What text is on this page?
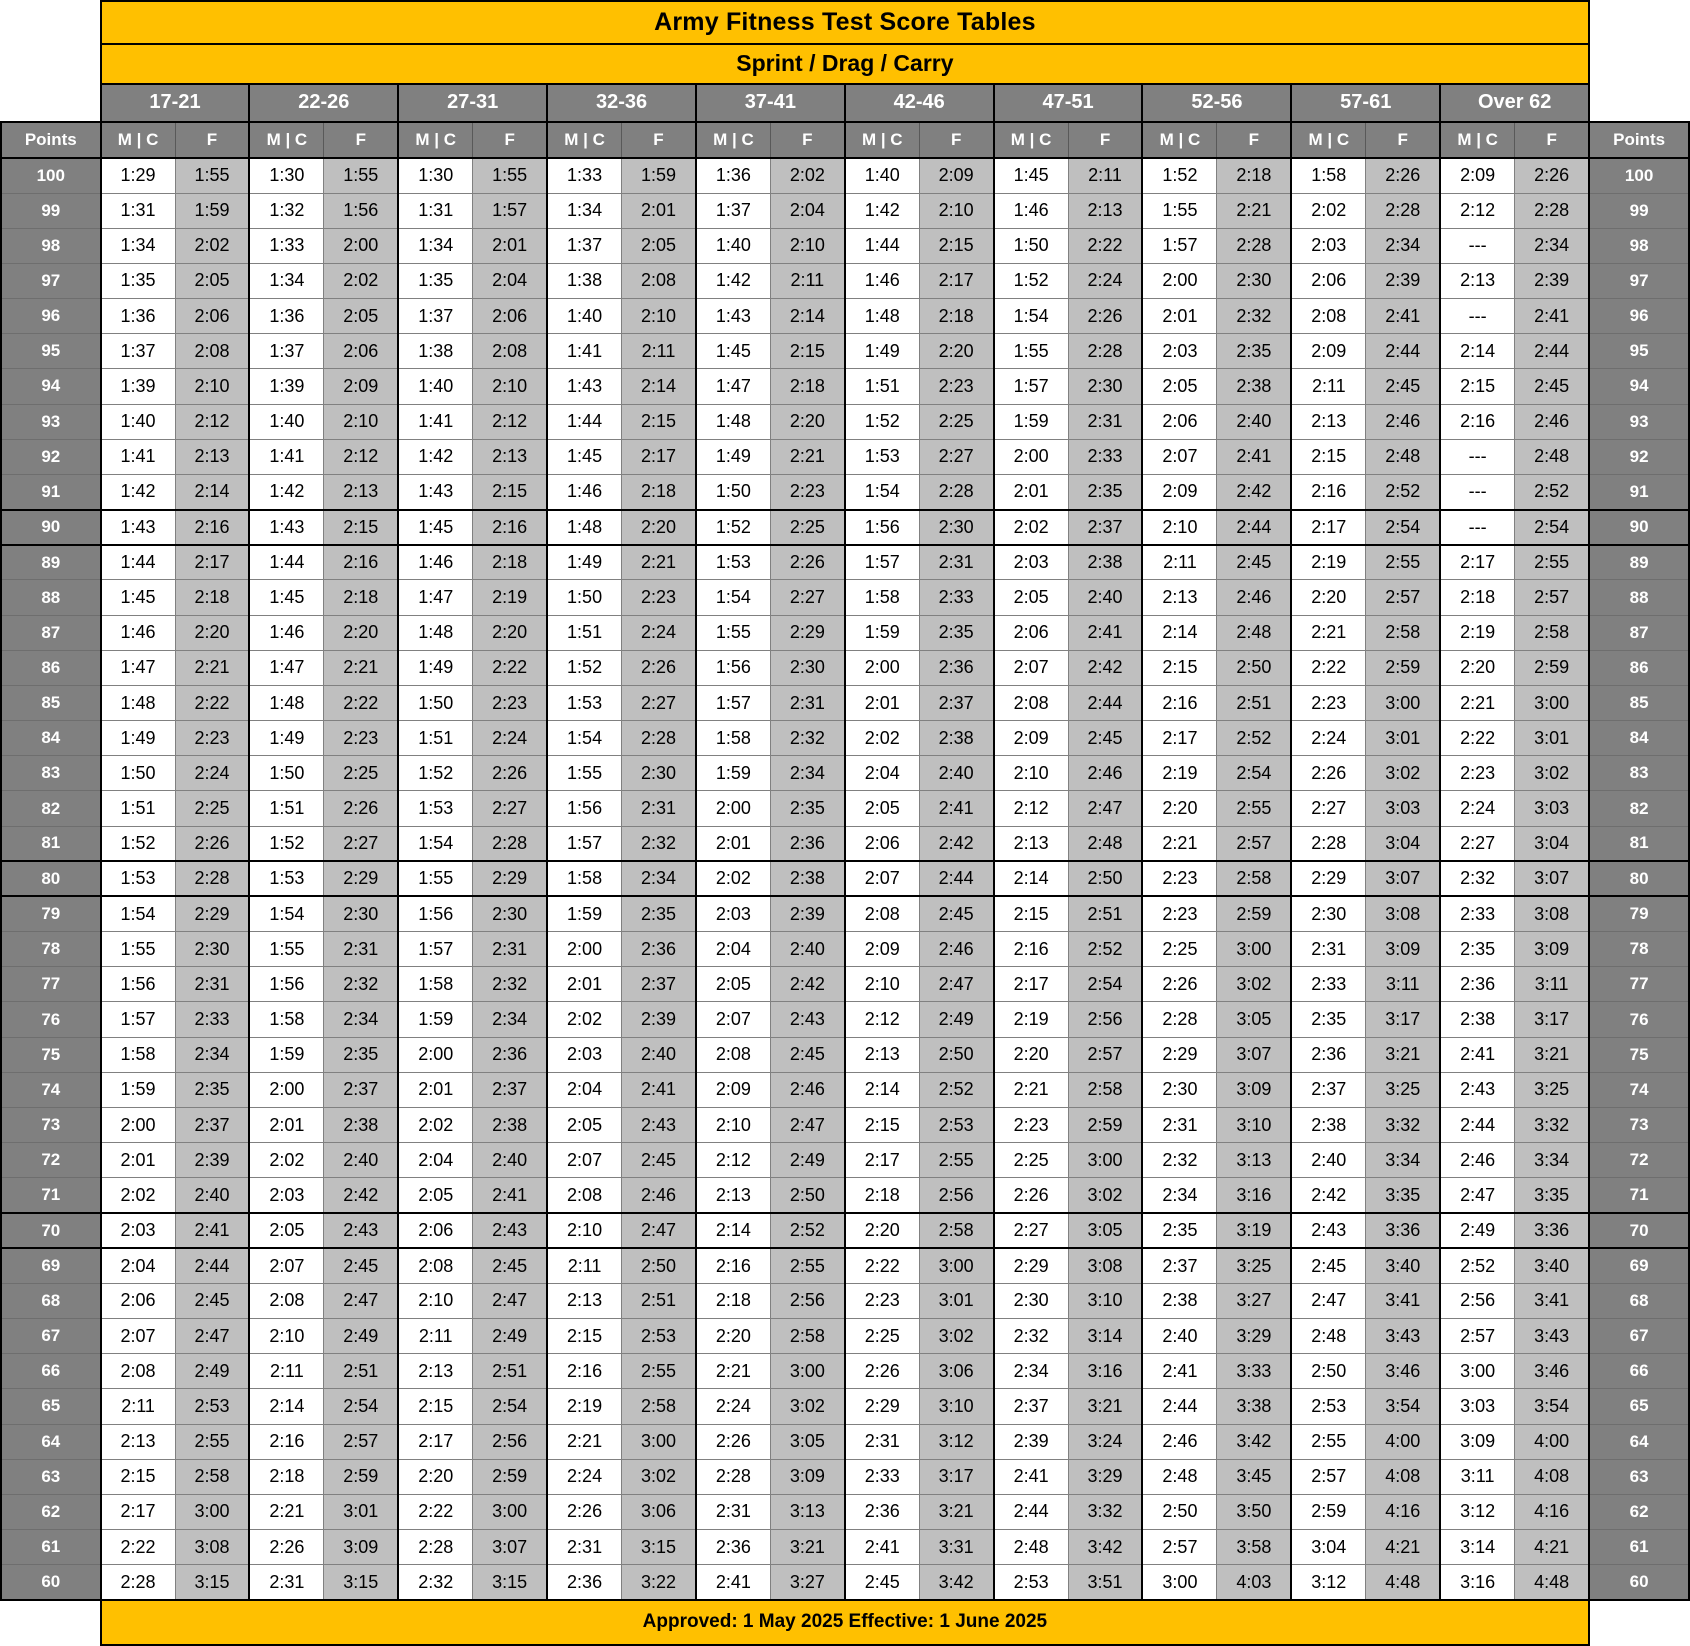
	Army Fitness Test Score Tables																				
	Sprint / Drag / Carry																				
	17-21		22-26		27-31		32-36		37-41		42-46		47-51		52-56		57-61		Over 62		
Points	M | C	F	M | C	F	M | C	F	M | C	F	M | C	F	M | C	F	M | C	F	M | C	F	M | C	F	M | C	F	Points
100	1:29	1:55	1:30	1:55	1:30	1:55	1:33	1:59	1:36	2:02	1:40	2:09	1:45	2:11	1:52	2:18	1:58	2:26	2:09	2:26	100
99	1:31	1:59	1:32	1:56	1:31	1:57	1:34	2:01	1:37	2:04	1:42	2:10	1:46	2:13	1:55	2:21	2:02	2:28	2:12	2:28	99
98	1:34	2:02	1:33	2:00	1:34	2:01	1:37	2:05	1:40	2:10	1:44	2:15	1:50	2:22	1:57	2:28	2:03	2:34	---	2:34	98
97	1:35	2:05	1:34	2:02	1:35	2:04	1:38	2:08	1:42	2:11	1:46	2:17	1:52	2:24	2:00	2:30	2:06	2:39	2:13	2:39	97
96	1:36	2:06	1:36	2:05	1:37	2:06	1:40	2:10	1:43	2:14	1:48	2:18	1:54	2:26	2:01	2:32	2:08	2:41	---	2:41	96
95	1:37	2:08	1:37	2:06	1:38	2:08	1:41	2:11	1:45	2:15	1:49	2:20	1:55	2:28	2:03	2:35	2:09	2:44	2:14	2:44	95
94	1:39	2:10	1:39	2:09	1:40	2:10	1:43	2:14	1:47	2:18	1:51	2:23	1:57	2:30	2:05	2:38	2:11	2:45	2:15	2:45	94
93	1:40	2:12	1:40	2:10	1:41	2:12	1:44	2:15	1:48	2:20	1:52	2:25	1:59	2:31	2:06	2:40	2:13	2:46	2:16	2:46	93
92	1:41	2:13	1:41	2:12	1:42	2:13	1:45	2:17	1:49	2:21	1:53	2:27	2:00	2:33	2:07	2:41	2:15	2:48	---	2:48	92
91	1:42	2:14	1:42	2:13	1:43	2:15	1:46	2:18	1:50	2:23	1:54	2:28	2:01	2:35	2:09	2:42	2:16	2:52	---	2:52	91
90	1:43	2:16	1:43	2:15	1:45	2:16	1:48	2:20	1:52	2:25	1:56	2:30	2:02	2:37	2:10	2:44	2:17	2:54	---	2:54	90
89	1:44	2:17	1:44	2:16	1:46	2:18	1:49	2:21	1:53	2:26	1:57	2:31	2:03	2:38	2:11	2:45	2:19	2:55	2:17	2:55	89
88	1:45	2:18	1:45	2:18	1:47	2:19	1:50	2:23	1:54	2:27	1:58	2:33	2:05	2:40	2:13	2:46	2:20	2:57	2:18	2:57	88
87	1:46	2:20	1:46	2:20	1:48	2:20	1:51	2:24	1:55	2:29	1:59	2:35	2:06	2:41	2:14	2:48	2:21	2:58	2:19	2:58	87
86	1:47	2:21	1:47	2:21	1:49	2:22	1:52	2:26	1:56	2:30	2:00	2:36	2:07	2:42	2:15	2:50	2:22	2:59	2:20	2:59	86
85	1:48	2:22	1:48	2:22	1:50	2:23	1:53	2:27	1:57	2:31	2:01	2:37	2:08	2:44	2:16	2:51	2:23	3:00	2:21	3:00	85
84	1:49	2:23	1:49	2:23	1:51	2:24	1:54	2:28	1:58	2:32	2:02	2:38	2:09	2:45	2:17	2:52	2:24	3:01	2:22	3:01	84
83	1:50	2:24	1:50	2:25	1:52	2:26	1:55	2:30	1:59	2:34	2:04	2:40	2:10	2:46	2:19	2:54	2:26	3:02	2:23	3:02	83
82	1:51	2:25	1:51	2:26	1:53	2:27	1:56	2:31	2:00	2:35	2:05	2:41	2:12	2:47	2:20	2:55	2:27	3:03	2:24	3:03	82
81	1:52	2:26	1:52	2:27	1:54	2:28	1:57	2:32	2:01	2:36	2:06	2:42	2:13	2:48	2:21	2:57	2:28	3:04	2:27	3:04	81
80	1:53	2:28	1:53	2:29	1:55	2:29	1:58	2:34	2:02	2:38	2:07	2:44	2:14	2:50	2:23	2:58	2:29	3:07	2:32	3:07	80
79	1:54	2:29	1:54	2:30	1:56	2:30	1:59	2:35	2:03	2:39	2:08	2:45	2:15	2:51	2:23	2:59	2:30	3:08	2:33	3:08	79
78	1:55	2:30	1:55	2:31	1:57	2:31	2:00	2:36	2:04	2:40	2:09	2:46	2:16	2:52	2:25	3:00	2:31	3:09	2:35	3:09	78
77	1:56	2:31	1:56	2:32	1:58	2:32	2:01	2:37	2:05	2:42	2:10	2:47	2:17	2:54	2:26	3:02	2:33	3:11	2:36	3:11	77
76	1:57	2:33	1:58	2:34	1:59	2:34	2:02	2:39	2:07	2:43	2:12	2:49	2:19	2:56	2:28	3:05	2:35	3:17	2:38	3:17	76
75	1:58	2:34	1:59	2:35	2:00	2:36	2:03	2:40	2:08	2:45	2:13	2:50	2:20	2:57	2:29	3:07	2:36	3:21	2:41	3:21	75
74	1:59	2:35	2:00	2:37	2:01	2:37	2:04	2:41	2:09	2:46	2:14	2:52	2:21	2:58	2:30	3:09	2:37	3:25	2:43	3:25	74
73	2:00	2:37	2:01	2:38	2:02	2:38	2:05	2:43	2:10	2:47	2:15	2:53	2:23	2:59	2:31	3:10	2:38	3:32	2:44	3:32	73
72	2:01	2:39	2:02	2:40	2:04	2:40	2:07	2:45	2:12	2:49	2:17	2:55	2:25	3:00	2:32	3:13	2:40	3:34	2:46	3:34	72
71	2:02	2:40	2:03	2:42	2:05	2:41	2:08	2:46	2:13	2:50	2:18	2:56	2:26	3:02	2:34	3:16	2:42	3:35	2:47	3:35	71
70	2:03	2:41	2:05	2:43	2:06	2:43	2:10	2:47	2:14	2:52	2:20	2:58	2:27	3:05	2:35	3:19	2:43	3:36	2:49	3:36	70
69	2:04	2:44	2:07	2:45	2:08	2:45	2:11	2:50	2:16	2:55	2:22	3:00	2:29	3:08	2:37	3:25	2:45	3:40	2:52	3:40	69
68	2:06	2:45	2:08	2:47	2:10	2:47	2:13	2:51	2:18	2:56	2:23	3:01	2:30	3:10	2:38	3:27	2:47	3:41	2:56	3:41	68
67	2:07	2:47	2:10	2:49	2:11	2:49	2:15	2:53	2:20	2:58	2:25	3:02	2:32	3:14	2:40	3:29	2:48	3:43	2:57	3:43	67
66	2:08	2:49	2:11	2:51	2:13	2:51	2:16	2:55	2:21	3:00	2:26	3:06	2:34	3:16	2:41	3:33	2:50	3:46	3:00	3:46	66
65	2:11	2:53	2:14	2:54	2:15	2:54	2:19	2:58	2:24	3:02	2:29	3:10	2:37	3:21	2:44	3:38	2:53	3:54	3:03	3:54	65
64	2:13	2:55	2:16	2:57	2:17	2:56	2:21	3:00	2:26	3:05	2:31	3:12	2:39	3:24	2:46	3:42	2:55	4:00	3:09	4:00	64
63	2:15	2:58	2:18	2:59	2:20	2:59	2:24	3:02	2:28	3:09	2:33	3:17	2:41	3:29	2:48	3:45	2:57	4:08	3:11	4:08	63
62	2:17	3:00	2:21	3:01	2:22	3:00	2:26	3:06	2:31	3:13	2:36	3:21	2:44	3:32	2:50	3:50	2:59	4:16	3:12	4:16	62
61	2:22	3:08	2:26	3:09	2:28	3:07	2:31	3:15	2:36	3:21	2:41	3:31	2:48	3:42	2:57	3:58	3:04	4:21	3:14	4:21	61
60	2:28	3:15	2:31	3:15	2:32	3:15	2:36	3:22	2:41	3:27	2:45	3:42	2:53	3:51	3:00	4:03	3:12	4:48	3:16	4:48	60
	Approved: 1 May 2025 Effective: 1 June 2025																				
